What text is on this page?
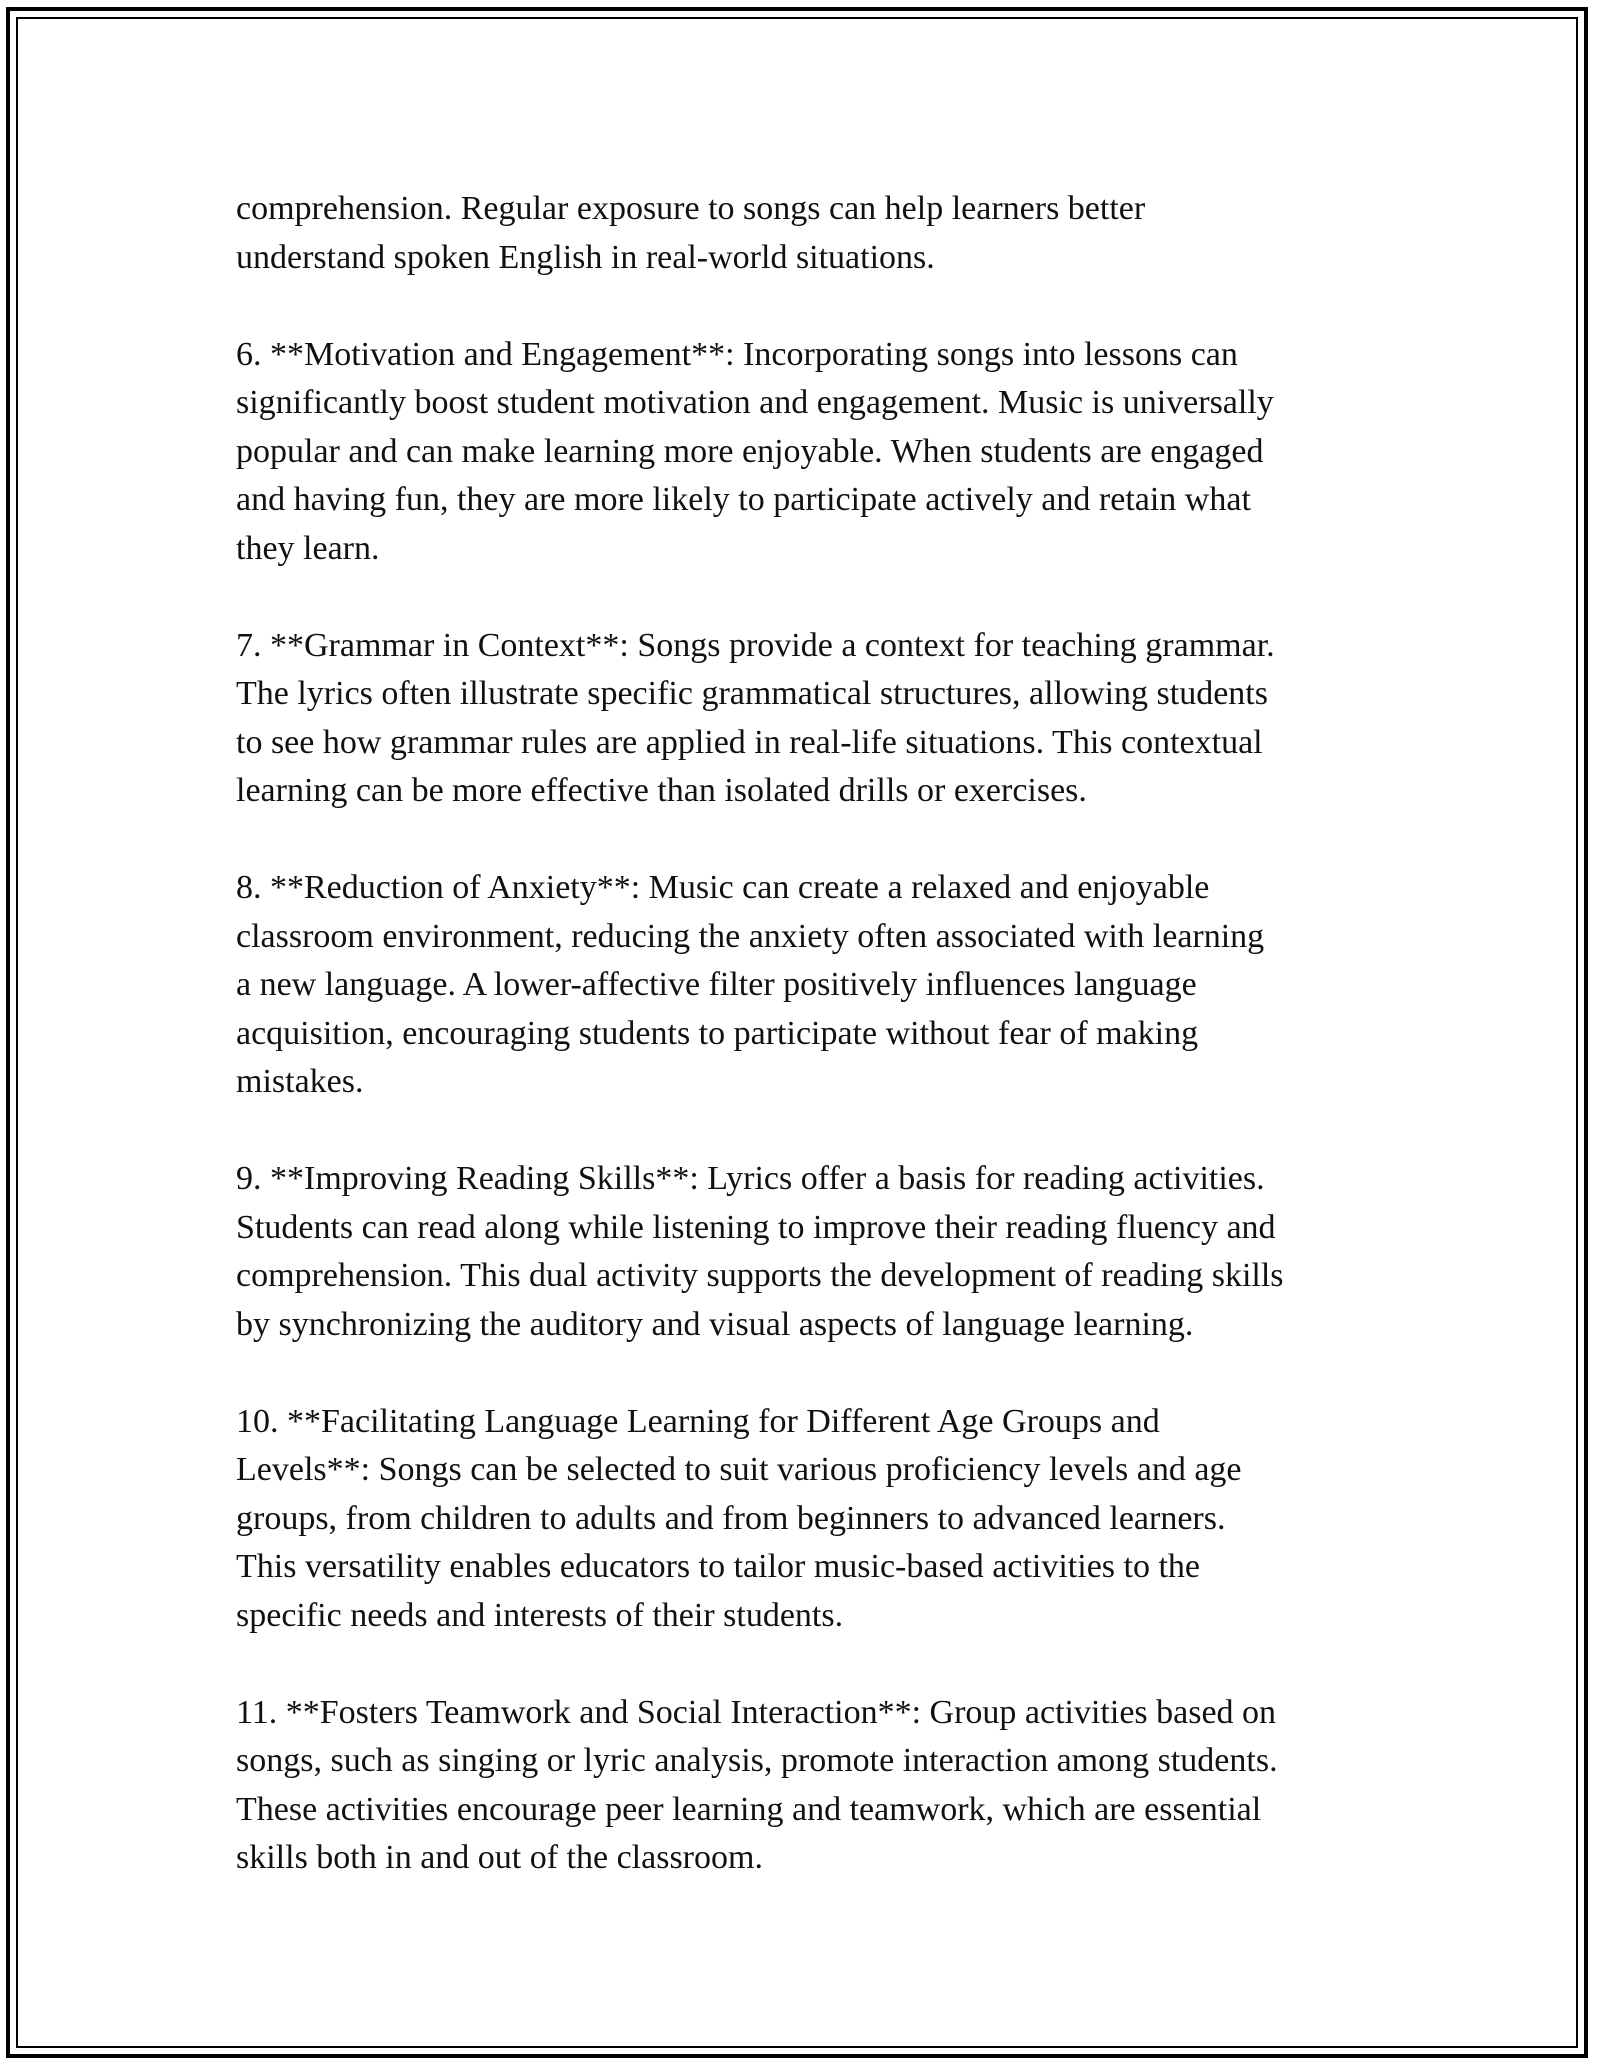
comprehension. Regular exposure to songs can help learners better
understand spoken English in real-world situations.

6. **Motivation and Engagement**: Incorporating songs into lessons can
significantly boost student motivation and engagement. Music is universally
popular and can make learning more enjoyable. When students are engaged
and having fun, they are more likely to participate actively and retain what
they learn.

7. **Grammar in Context**: Songs provide a context for teaching grammar.
The lyrics often illustrate specific grammatical structures, allowing students
to see how grammar rules are applied in real-life situations. This contextual
learning can be more effective than isolated drills or exercises.

8. **Reduction of Anxiety**: Music can create a relaxed and enjoyable
classroom environment, reducing the anxiety often associated with learning
a new language. A lower-affective filter positively influences language
acquisition, encouraging students to participate without fear of making
mistakes.

9. **Improving Reading Skills**: Lyrics offer a basis for reading activities.
Students can read along while listening to improve their reading fluency and
comprehension. This dual activity supports the development of reading skills
by synchronizing the auditory and visual aspects of language learning.

10. **Facilitating Language Learning for Different Age Groups and
Levels**: Songs can be selected to suit various proficiency levels and age
groups, from children to adults and from beginners to advanced learners.
This versatility enables educators to tailor music-based activities to the
specific needs and interests of their students.

11. **Fosters Teamwork and Social Interaction**: Group activities based on
songs, such as singing or lyric analysis, promote interaction among students.
These activities encourage peer learning and teamwork, which are essential
skills both in and out of the classroom.
